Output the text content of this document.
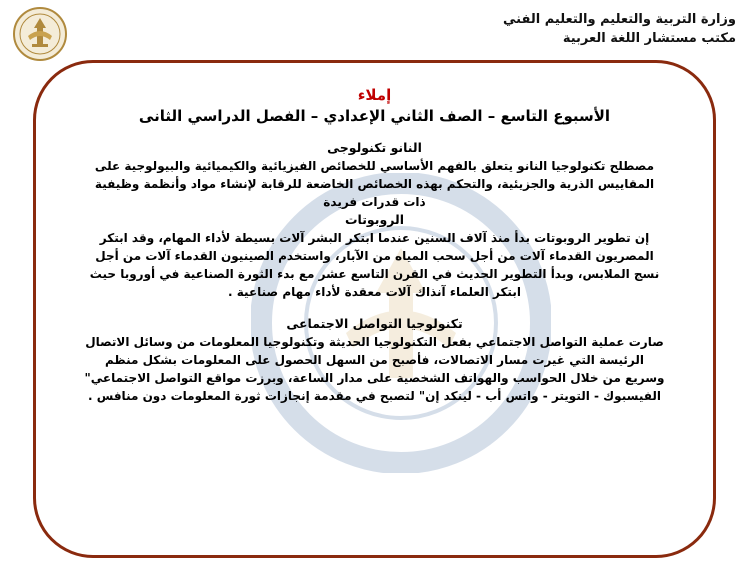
وزارة التربية والتعليم والتعليم الفني
مكتب مستشار اللغة العربية
إملاء
الأسبوع التاسع – الصف الثاني الإعدادي – الفصل الدراسي الثانى
النانو تكنولوجى
مصطلح تكنولوجيا النانو يتعلق بالفهم الأساسي للخصائص الفيزيائية والكيميائية والبيولوجية على المقاييس الذرية والجزيئية، والتحكم بهذه الخصائص الخاضعة للرقابة لإنشاء مواد وأنظمة وظيفية ذات قدرات فريدة
الروبوتات
إن تطوير الروبوتات بدأ منذ آلاف السنين عندما ابتكر البشر آلات بسيطة لأداء المهام، وقد ابتكر المصريون القدماء آلات من أجل سحب المياه من الآبار، واستخدم الصينيون القدماء آلات من أجل نسج الملابس، وبدأ التطوير الحديث في القرن التاسع عشر مع بدء الثورة الصناعية في أوروبا حيث ابتكر العلماء آنذاك آلات معقدة لأداء مهام صناعية .
تكنولوجيا التواصل الاجتماعى
صارت عملية التواصل الاجتماعي بفعل التكنولوجيا الحديثة وتكنولوجيا المعلومات من وسائل الاتصال الرئيسة التي غيرت مسار الاتصالات، فأصبح من السهل الحصول على المعلومات بشكل منظم وسريع من خلال الحواسب والهواتف الشخصية على مدار الساعة، وبرزت مواقع التواصل الاجتماعي" الفيسبوك - التويتر - واتس أب - لينكد إن" لتصبح في مقدمة إنجازات ثورة المعلومات دون منافس .
